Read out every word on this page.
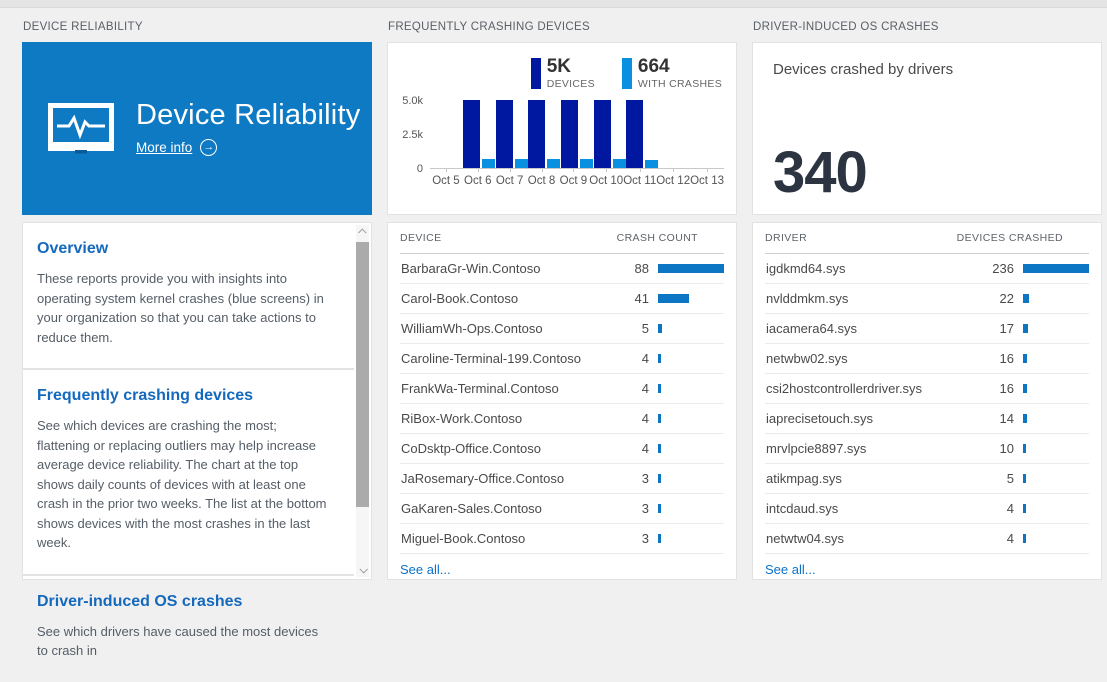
DEVICE RELIABILITY
Device Reliability
More info →
Overview

These reports provide you with insights into operating system kernel crashes (blue screens) in your organization so that you can take actions to reduce them.

Frequently crashing devices

See which devices are crashing the most; flattening or replacing outliers may help increase average device reliability. The chart at the top shows daily counts of devices with at least one crash in the prior two weeks. The list at the bottom shows devices with the most crashes in the last week.

Driver-induced OS crashes

See which drivers have caused the most devices to crash in

FREQUENTLY CRASHING DEVICES
5K
DEVICES
664
WITH CRASHES
5.0k
2.5k
0
Oct 5 Oct 6 Oct 7 Oct 8 Oct 9 Oct 10 Oct 11 Oct 12 Oct 13
DEVICE	CRASH COUNT
BarbaraGr-Win.Contoso	88
Carol-Book.Contoso	41
WilliamWh-Ops.Contoso	5
Caroline-Terminal-199.Contoso	4
FrankWa-Terminal.Contoso	4
RiBox-Work.Contoso	4
CoDsktp-Office.Contoso	4
JaRosemary-Office.Contoso	3
GaKaren-Sales.Contoso	3
Miguel-Book.Contoso	3
See all...
DRIVER-INDUCED OS CRASHES
Devices crashed by drivers
340
DRIVER	DEVICES CRASHED
igdkmd64.sys	236
nvlddmkm.sys	22
iacamera64.sys	17
netwbw02.sys	16
csi2hostcontrollerdriver.sys	16
iaprecisetouch.sys	14
mrvlpcie8897.sys	10
atikmpag.sys	5
intcdaud.sys	4
netwtw04.sys	4
See all...
